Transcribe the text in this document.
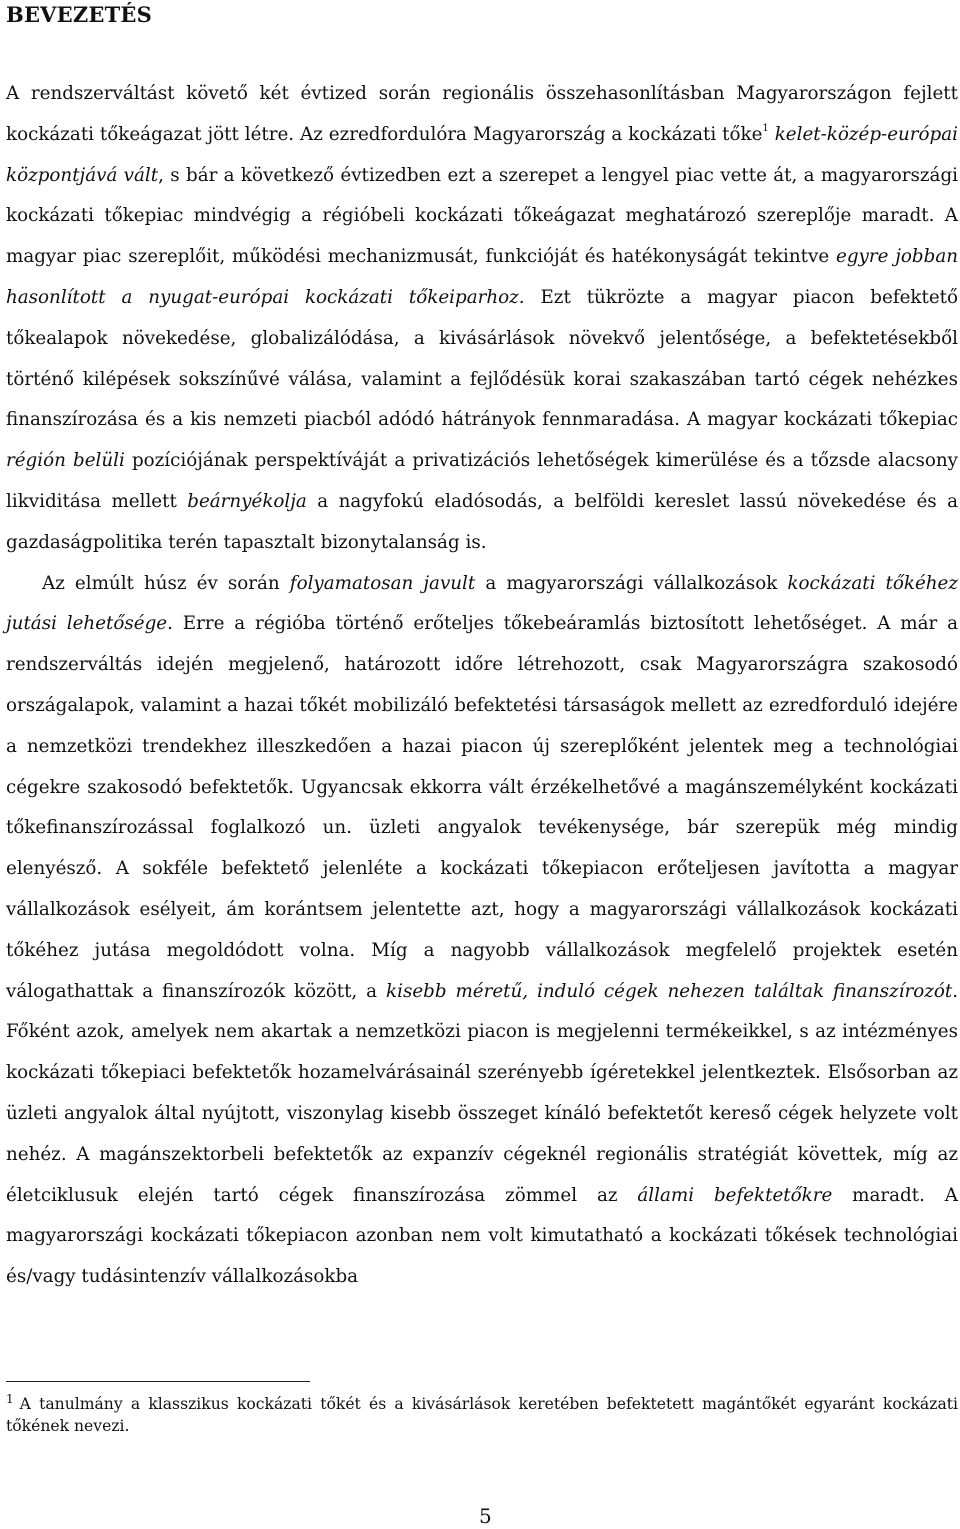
BEVEZETÉS

A rendszerváltást követő két évtized során regionális összehasonlításban Magyarországon fejlett kockázati tőkeágazat jött létre. Az ezredfordulóra Magyarország a kockázati tőke$^1$ kelet-közép-európai központjává vált, s bár a következő évtizedben ezt a szerepet a lengyel piac vette át, a magyarországi kockázati tőkepiac mindvégig a régióbeli kockázati tőkeágazat meghatározó szereplője maradt. A magyar piac szereplőit, működési mechanizmusát, funkcióját és hatékonyságát tekintve egyre jobban hasonlított a nyugat-európai kockázati tőkeiparhoz. Ezt tükrözte a magyar piacon befektető tőkealapok növekedése, globalizálódása, a kivásárlások növekvő jelentősége, a befektetésekből történő kilépések sokszínűvé válása, valamint a fejlődésük korai szakaszában tartó cégek nehézkes finanszírozása és a kis nemzeti piacból adódó hátrányok fennmaradása. A magyar kockázati tőkepiac régión belüli pozíciójának perspektíváját a privatizációs lehetőségek kimerülése és a tőzsde alacsony likviditása mellett beárnyékolja a nagyfokú eladósodás, a belföldi kereslet lassú növekedése és a gazdaságpolitika terén tapasztalt bizonytalanság is.

Az elmúlt húsz év során folyamatosan javult a magyarországi vállalkozások kockázati tőkéhez jutási lehetősége. Erre a régióba történő erőteljes tőkebeáramlás biztosított lehetőséget. A már a rendszerváltás idején megjelenő, határozott időre létrehozott, csak Magyarországra szakosodó országalapok, valamint a hazai tőkét mobilizáló befektetési társaságok mellett az ezredforduló idejére a nemzetközi trendekhez illeszkedően a hazai piacon új szereplőként jelentek meg a technológiai cégekre szakosodó befektetők. Ugyancsak ekkorra vált érzékelhetővé a magánszemélyként kockázati tőkefinanszírozással foglalkozó un. üzleti angyalok tevékenysége, bár szerepük még mindig elenyésző. A sokféle befektető jelenléte a kockázati tőkepiacon erőteljesen javította a magyar vállalkozások esélyeit, ám korántsem jelentette azt, hogy a magyarországi vállalkozások kockázati tőkéhez jutása megoldódott volna. Míg a nagyobb vállalkozások megfelelő projektek esetén válogathattak a finanszírozók között, a kisebb méretű, induló cégek nehezen találtak finanszírozót. Főként azok, amelyek nem akartak a nemzetközi piacon is megjelenni termékeikkel, s az intézményes kockázati tőkepiaci befektetők hozamelvárásainál szerényebb ígéretekkel jelentkeztek. Elsősorban az üzleti angyalok által nyújtott, viszonylag kisebb összeget kínáló befektetőt kereső cégek helyzete volt nehéz. A magánszektorbeli befektetők az expanzív cégeknél regionális stratégiát követtek, míg az életciklusuk elején tartó cégek finanszírozása zömmel az állami befektetőkre maradt. A magyarországi kockázati tőkepiacon azonban nem volt kimutatható a kockázati tőkések technológiai és/vagy tudásintenzív vállalkozásokba

$^1$ A tanulmány a klasszikus kockázati tőkét és a kivásárlások keretében befektetett magántőkét egyaránt kockázati tőkének nevezi.

5
